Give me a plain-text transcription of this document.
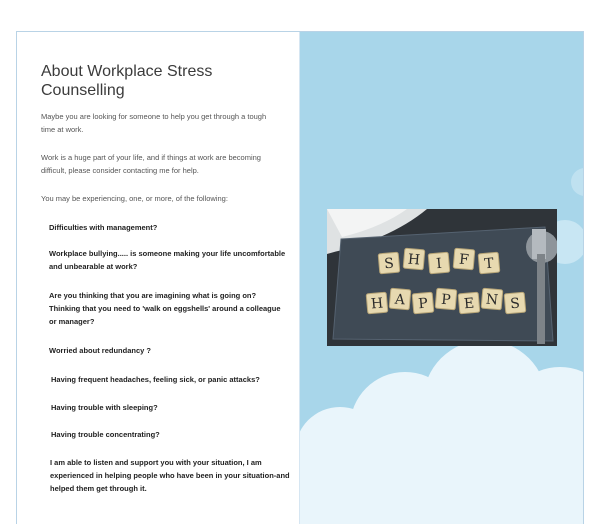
About Workplace Stress Counselling

Maybe you are looking for someone to help you get through a tough time at work.

Work is a huge part of your life, and if things at work are becoming difficult, please consider contacting me for help.

You may be experiencing, one, or more, of the following:

Difficulties with management?

Workplace bullying..... is someone making your life uncomfortable and unbearable at work?

Are you thinking that you are imagining what is going on? Thinking that you need to 'walk on eggshells' around a colleague or manager?

Worried about redundancy ?

Having frequent headaches, feeling sick, or panic attacks?

Having trouble with sleeping?

Having trouble concentrating?

I am able to listen and support you with your situation, I am experienced in helping people who have been in your situation-and helped them get through it.

S H I F T
H A P P E N S
